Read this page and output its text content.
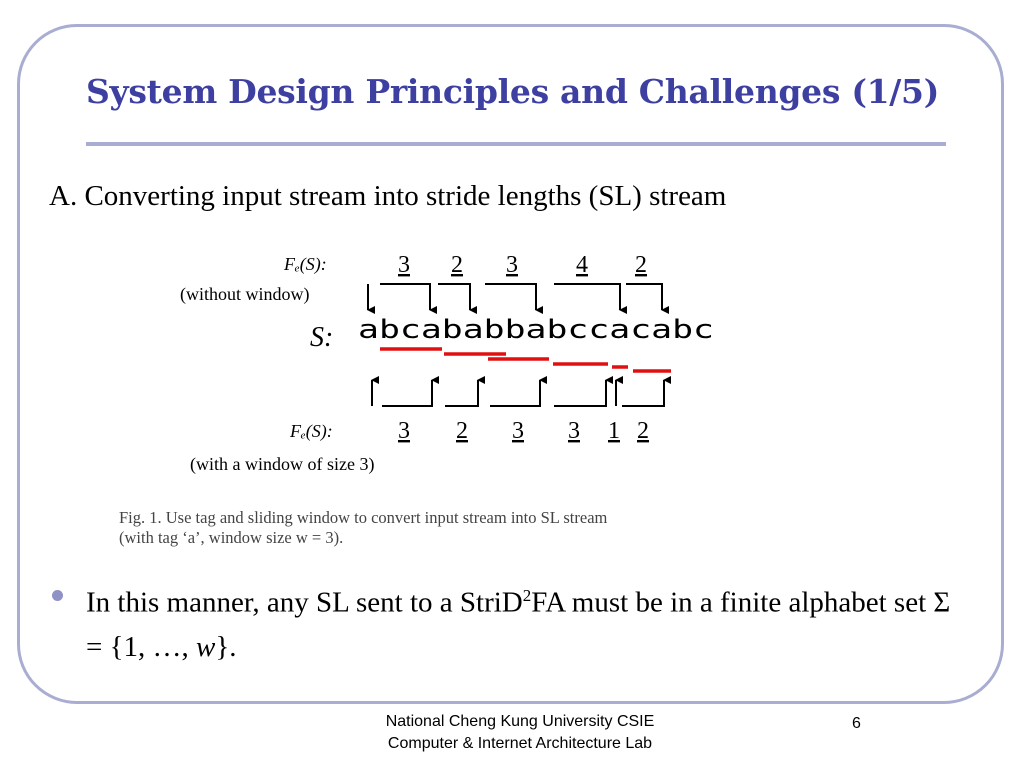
System Design Principles and Challenges (1/5)
A. Converting input stream into stride lengths (SL) stream
Fₑ(S):
(without window)
3 2 3 4 2
S: abcababbabccacabc
Fₑ(S):	3 2 3 3 1 2
(with a window of size 3)
Fig. 1. Use tag and sliding window to convert input stream into SL stream
(with tag ‘a’, window size w = 3).
In this manner, any SL sent to a StriD$^2$FA must be in a finite alphabet set Σ = {1, …, w}.
National Cheng Kung University CSIE
Computer & Internet Architecture Lab
6
